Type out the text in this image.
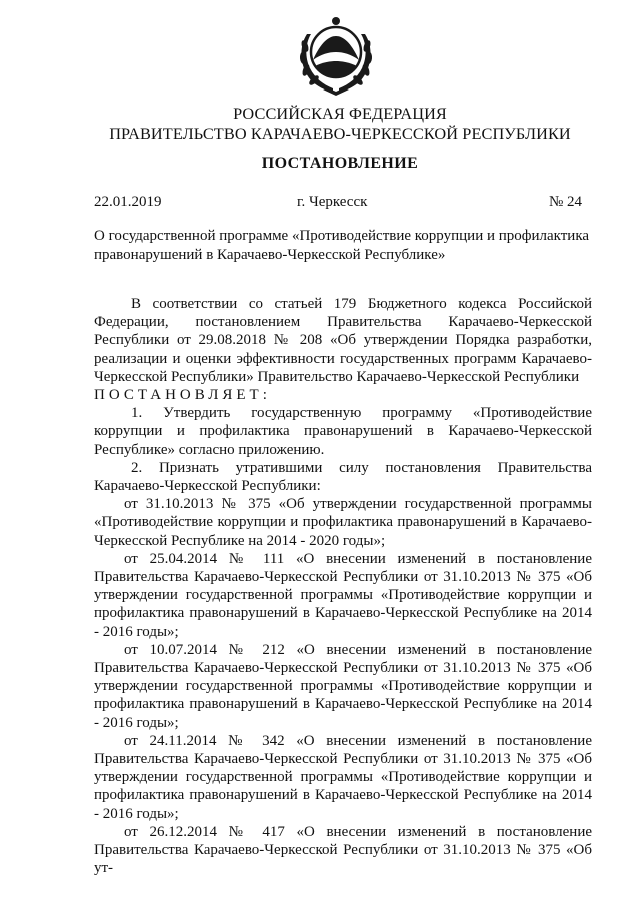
РОССИЙСКАЯ ФЕДЕРАЦИЯ
ПРАВИТЕЛЬСТВО КАРАЧАЕВО-ЧЕРКЕССКОЙ РЕСПУБЛИКИ
ПОСТАНОВЛЕНИЕ
22.01.2019	г. Черкесск	№ 24
О государственной программе «Противодействие коррупции и профилактика правонарушений в Карачаево-Черкесской Республике»

В соответствии со статьей 179 Бюджетного кодекса Российской Федерации, постановлением Правительства Карачаево-Черкесской Республики от 29.08.2018 № 208 «Об утверждении Порядка разработки, реализации и оценки эффективности государственных программ Карачаево-Черкесской Республики» Правительство Карачаево-Черкесской Республики

ПОСТАНОВЛЯЕТ:

1. Утвердить государственную программу «Противодействие коррупции и профилактика правонарушений в Карачаево-Черкесской Республике» согласно приложению.

2. Признать утратившими силу постановления Правительства Карачаево-Черкесской Республики:

от 31.10.2013 № 375 «Об утверждении государственной программы «Противодействие коррупции и профилактика правонарушений в Карачаево-Черкесской Республике на 2014 - 2020 годы»;

от 25.04.2014 № 111 «О внесении изменений в постановление Правительства Карачаево-Черкесской Республики от 31.10.2013 № 375 «Об утверждении государственной программы «Противодействие коррупции и профилактика правонарушений в Карачаево-Черкесской Республике на 2014 - 2016 годы»;

от 10.07.2014 № 212 «О внесении изменений в постановление Правительства Карачаево-Черкесской Республики от 31.10.2013 № 375 «Об утверждении государственной программы «Противодействие коррупции и профилактика правонарушений в Карачаево-Черкесской Республике на 2014 - 2016 годы»;

от 24.11.2014 № 342 «О внесении изменений в постановление Правительства Карачаево-Черкесской Республики от 31.10.2013 № 375 «Об утверждении государственной программы «Противодействие коррупции и профилактика правонарушений в Карачаево-Черкесской Республике на 2014 - 2016 годы»;

от 26.12.2014 № 417 «О внесении изменений в постановление Правительства Карачаево-Черкесской Республики от 31.10.2013 № 375 «Об ут-
